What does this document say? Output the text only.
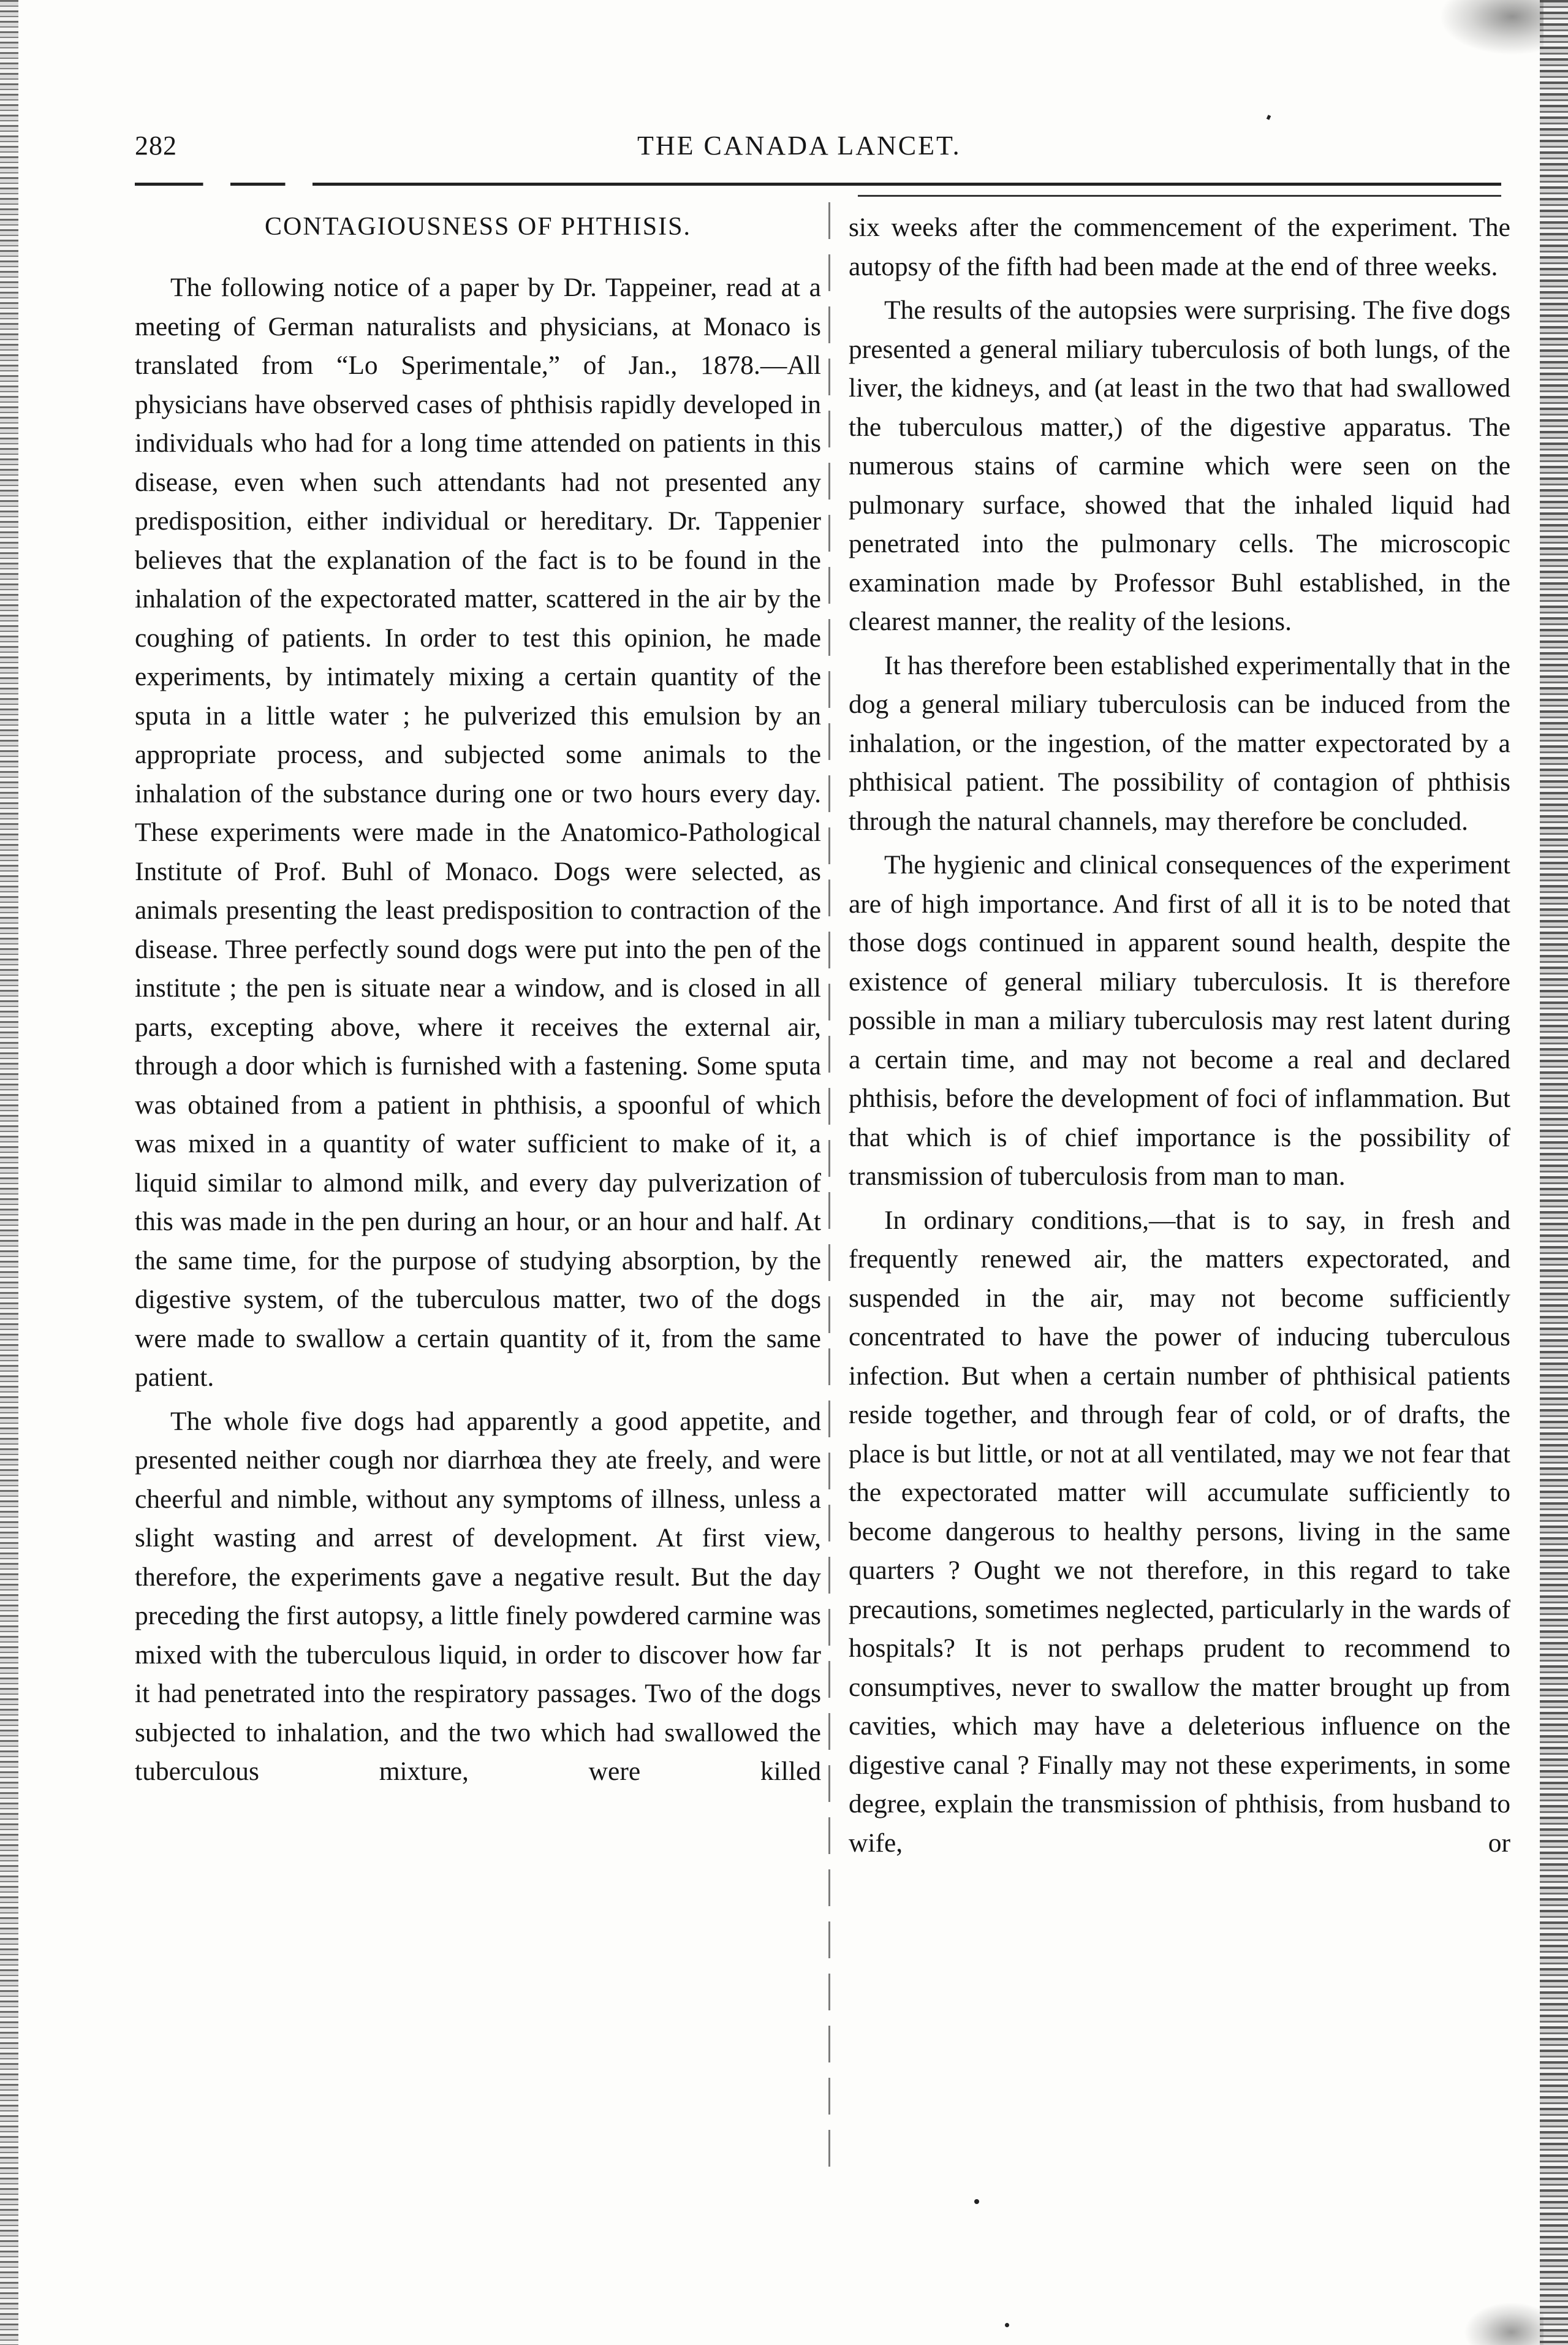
282	THE CANADA LANCET.
CONTAGIOUSNESS OF PHTHISIS.

The following notice of a paper by Dr. Tappeiner, read at a meeting of German naturalists and physicians, at Monaco is translated from “Lo Sperimentale,” of Jan., 1878.—All physicians have observed cases of phthisis rapidly developed in individuals who had for a long time attended on patients in this disease, even when such attendants had not presented any predisposition, either individual or hereditary. Dr. Tappenier believes that the explanation of the fact is to be found in the inhalation of the expectorated matter, scattered in the air by the coughing of patients. In order to test this opinion, he made experiments, by intimately mixing a certain quantity of the sputa in a little water ; he pulverized this emulsion by an appropriate process, and subjected some animals to the inhalation of the substance during one or two hours every day. These experiments were made in the Anatomico-Pathological Institute of Prof. Buhl of Monaco. Dogs were selected, as animals presenting the least predisposition to contraction of the disease. Three perfectly sound dogs were put into the pen of the institute ; the pen is situate near a window, and is closed in all parts, excepting above, where it receives the external air, through a door which is furnished with a fastening. Some sputa was obtained from a patient in phthisis, a spoonful of which was mixed in a quantity of water sufficient to make of it, a liquid similar to almond milk, and every day pulverization of this was made in the pen during an hour, or an hour and half. At the same time, for the purpose of studying absorption, by the digestive system, of the tuberculous matter, two of the dogs were made to swallow a certain quantity of it, from the same patient.

The whole five dogs had apparently a good appetite, and presented neither cough nor diarrhœa they ate freely, and were cheerful and nimble, without any symptoms of illness, unless a slight wasting and arrest of development. At first view, therefore, the experiments gave a negative result. But the day preceding the first autopsy, a little finely powdered carmine was mixed with the tuberculous liquid, in order to discover how far it had penetrated into the respiratory passages. Two of the dogs subjected to inhalation, and the two which had swallowed the tuberculous mixture, were killed

six weeks after the commencement of the experiment. The autopsy of the fifth had been made at the end of three weeks.

The results of the autopsies were surprising. The five dogs presented a general miliary tuberculosis of both lungs, of the liver, the kidneys, and (at least in the two that had swallowed the tuberculous matter,) of the digestive apparatus. The numerous stains of carmine which were seen on the pulmonary surface, showed that the inhaled liquid had penetrated into the pulmonary cells. The microscopic examination made by Professor Buhl established, in the clearest manner, the reality of the lesions.

It has therefore been established experimentally that in the dog a general miliary tuberculosis can be induced from the inhalation, or the ingestion, of the matter expectorated by a phthisical patient. The possibility of contagion of phthisis through the natural channels, may therefore be concluded.

The hygienic and clinical consequences of the experiment are of high importance. And first of all it is to be noted that those dogs continued in apparent sound health, despite the existence of general miliary tuberculosis. It is therefore possible in man a miliary tuberculosis may rest latent during a certain time, and may not become a real and declared phthisis, before the development of foci of inflammation. But that which is of chief importance is the possibility of transmission of tuberculosis from man to man.

In ordinary conditions,—that is to say, in fresh and frequently renewed air, the matters expectorated, and suspended in the air, may not become sufficiently concentrated to have the power of inducing tuberculous infection. But when a certain number of phthisical patients reside together, and through fear of cold, or of drafts, the place is but little, or not at all ventilated, may we not fear that the expectorated matter will accumulate sufficiently to become dangerous to healthy persons, living in the same quarters ? Ought we not therefore, in this regard to take precautions, sometimes neglected, particularly in the wards of hospitals? It is not perhaps prudent to recommend to consumptives, never to swallow the matter brought up from cavities, which may have a deleterious influence on the digestive canal ? Finally may not these experiments, in some degree, explain the transmission of phthisis, from husband to wife, or
